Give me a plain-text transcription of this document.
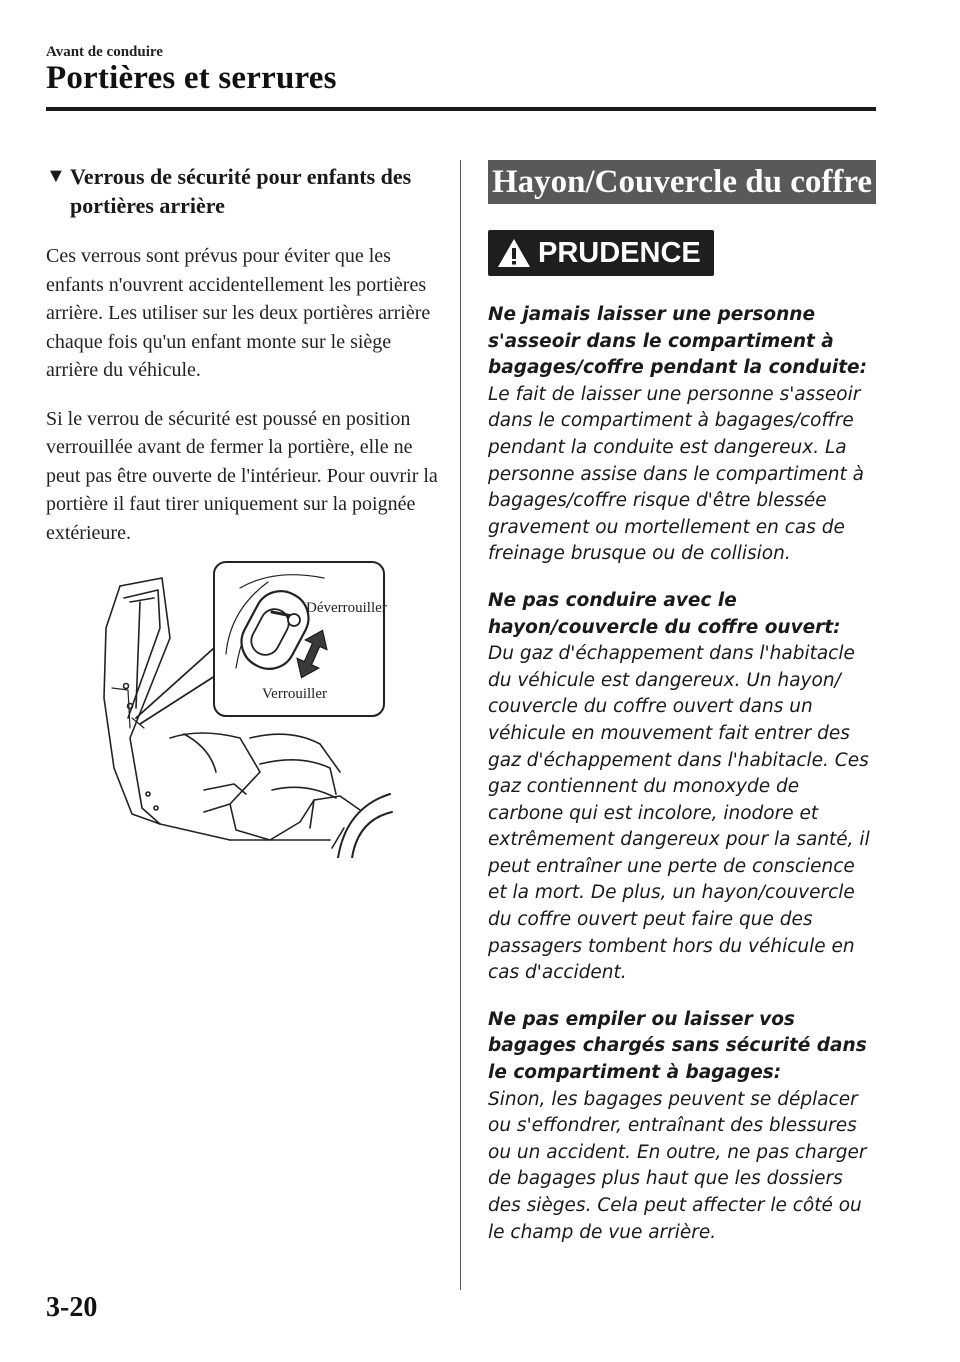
Avant de conduire
Portières et serrures
▼ Verrous de sécurité pour enfants des portières arrière
Ces verrous sont prévus pour éviter que les enfants n'ouvrent accidentellement les portières arrière. Les utiliser sur les deux portières arrière chaque fois qu'un enfant monte sur le siège arrière du véhicule.
Si le verrou de sécurité est poussé en position verrouillée avant de fermer la portière, elle ne peut pas être ouverte de l'intérieur. Pour ouvrir la portière il faut tirer uniquement sur la poignée extérieure.
Déverrouiller
Verrouiller
Hayon/Couvercle du coffre
PRUDENCE
Ne jamais laisser une personne s'asseoir dans le compartiment à bagages/coffre pendant la conduite:
Le fait de laisser une personne s'asseoir dans le compartiment à bagages/coffre pendant la conduite est dangereux. La personne assise dans le compartiment à bagages/coffre risque d'être blessée gravement ou mortellement en cas de freinage brusque ou de collision.
Ne pas conduire avec le hayon/couvercle du coffre ouvert:
Du gaz d'échappement dans l'habitacle du véhicule est dangereux. Un hayon/ couvercle du coffre ouvert dans un véhicule en mouvement fait entrer des gaz d'échappement dans l'habitacle. Ces gaz contiennent du monoxyde de carbone qui est incolore, inodore et extrêmement dangereux pour la santé, il peut entraîner une perte de conscience et la mort. De plus, un hayon/couvercle du coffre ouvert peut faire que des passagers tombent hors du véhicule en cas d'accident.
Ne pas empiler ou laisser vos bagages chargés sans sécurité dans le compartiment à bagages:
Sinon, les bagages peuvent se déplacer ou s'effondrer, entraînant des blessures ou un accident. En outre, ne pas charger de bagages plus haut que les dossiers des sièges. Cela peut affecter le côté ou le champ de vue arrière.
3-20
